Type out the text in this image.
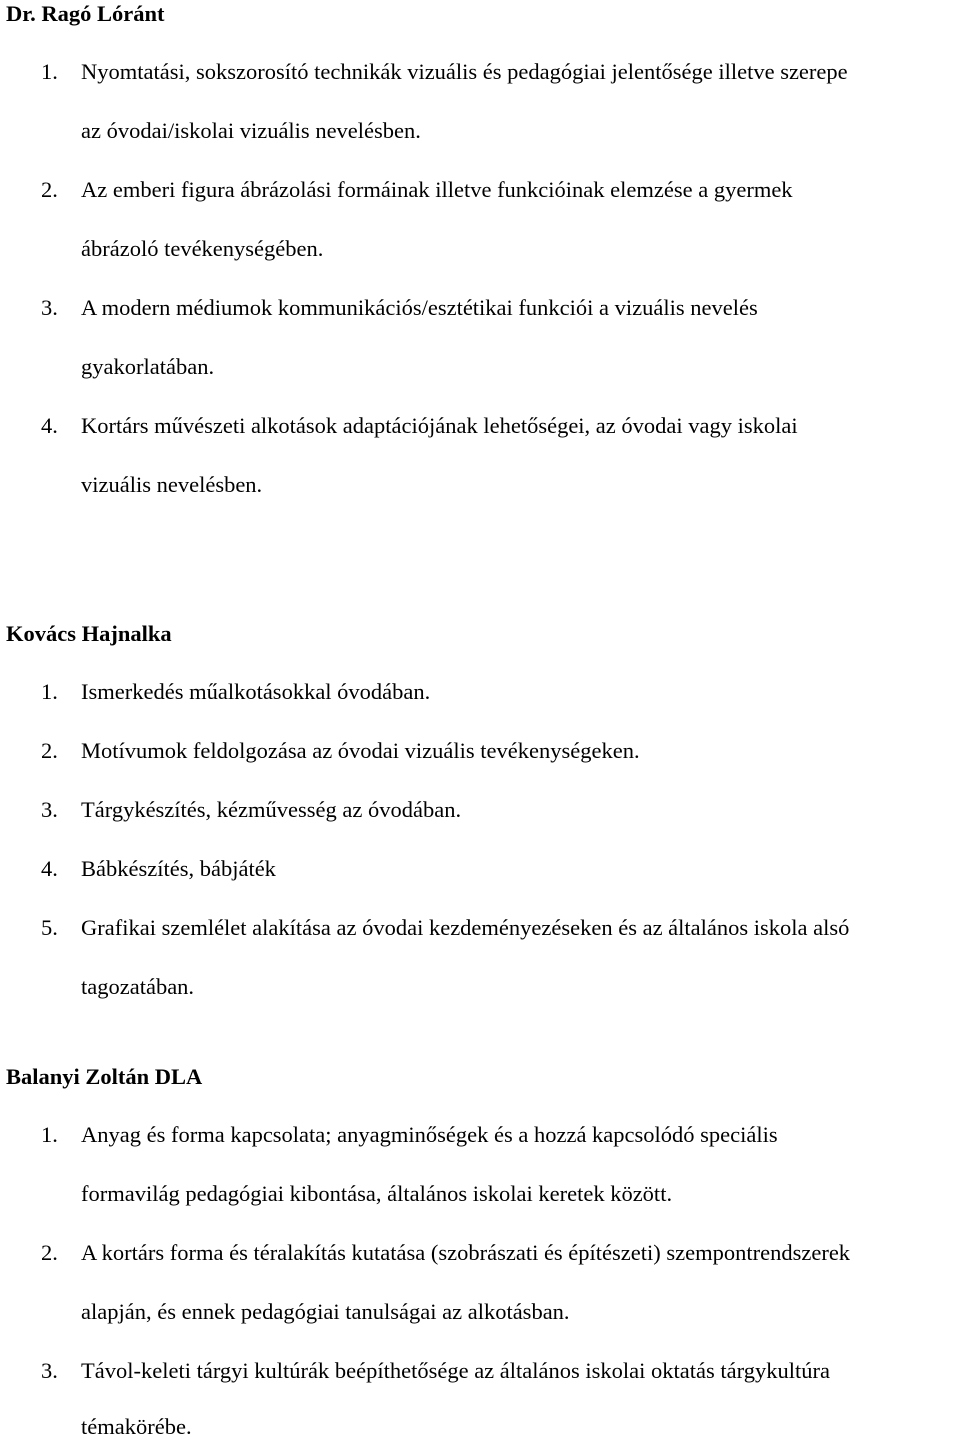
Dr. Ragó Lóránt
1. Nyomtatási, sokszorosító technikák vizuális és pedagógiai jelentősége illetve szerepe
az óvodai/iskolai vizuális nevelésben.
2. Az emberi figura ábrázolási formáinak illetve funkcióinak elemzése a gyermek
ábrázoló tevékenységében.
3. A modern médiumok kommunikációs/esztétikai funkciói a vizuális nevelés
gyakorlatában.
4. Kortárs művészeti alkotások adaptációjának lehetőségei, az óvodai vagy iskolai
vizuális nevelésben.
Kovács Hajnalka
1. Ismerkedés műalkotásokkal óvodában.
2. Motívumok feldolgozása az óvodai vizuális tevékenységeken.
3. Tárgykészítés, kézművesség az óvodában.
4. Bábkészítés, bábjáték
5. Grafikai szemlélet alakítása az óvodai kezdeményezéseken és az általános iskola alsó
tagozatában.
Balanyi Zoltán DLA
1. Anyag és forma kapcsolata; anyagminőségek és a hozzá kapcsolódó speciális
formavilág pedagógiai kibontása, általános iskolai keretek között.
2. A kortárs forma és téralakítás kutatása (szobrászati és építészeti) szempontrendszerek
alapján, és ennek pedagógiai tanulságai az alkotásban.
3. Távol-keleti tárgyi kultúrák beépíthetősége az általános iskolai oktatás tárgykultúra
témakörébe.
